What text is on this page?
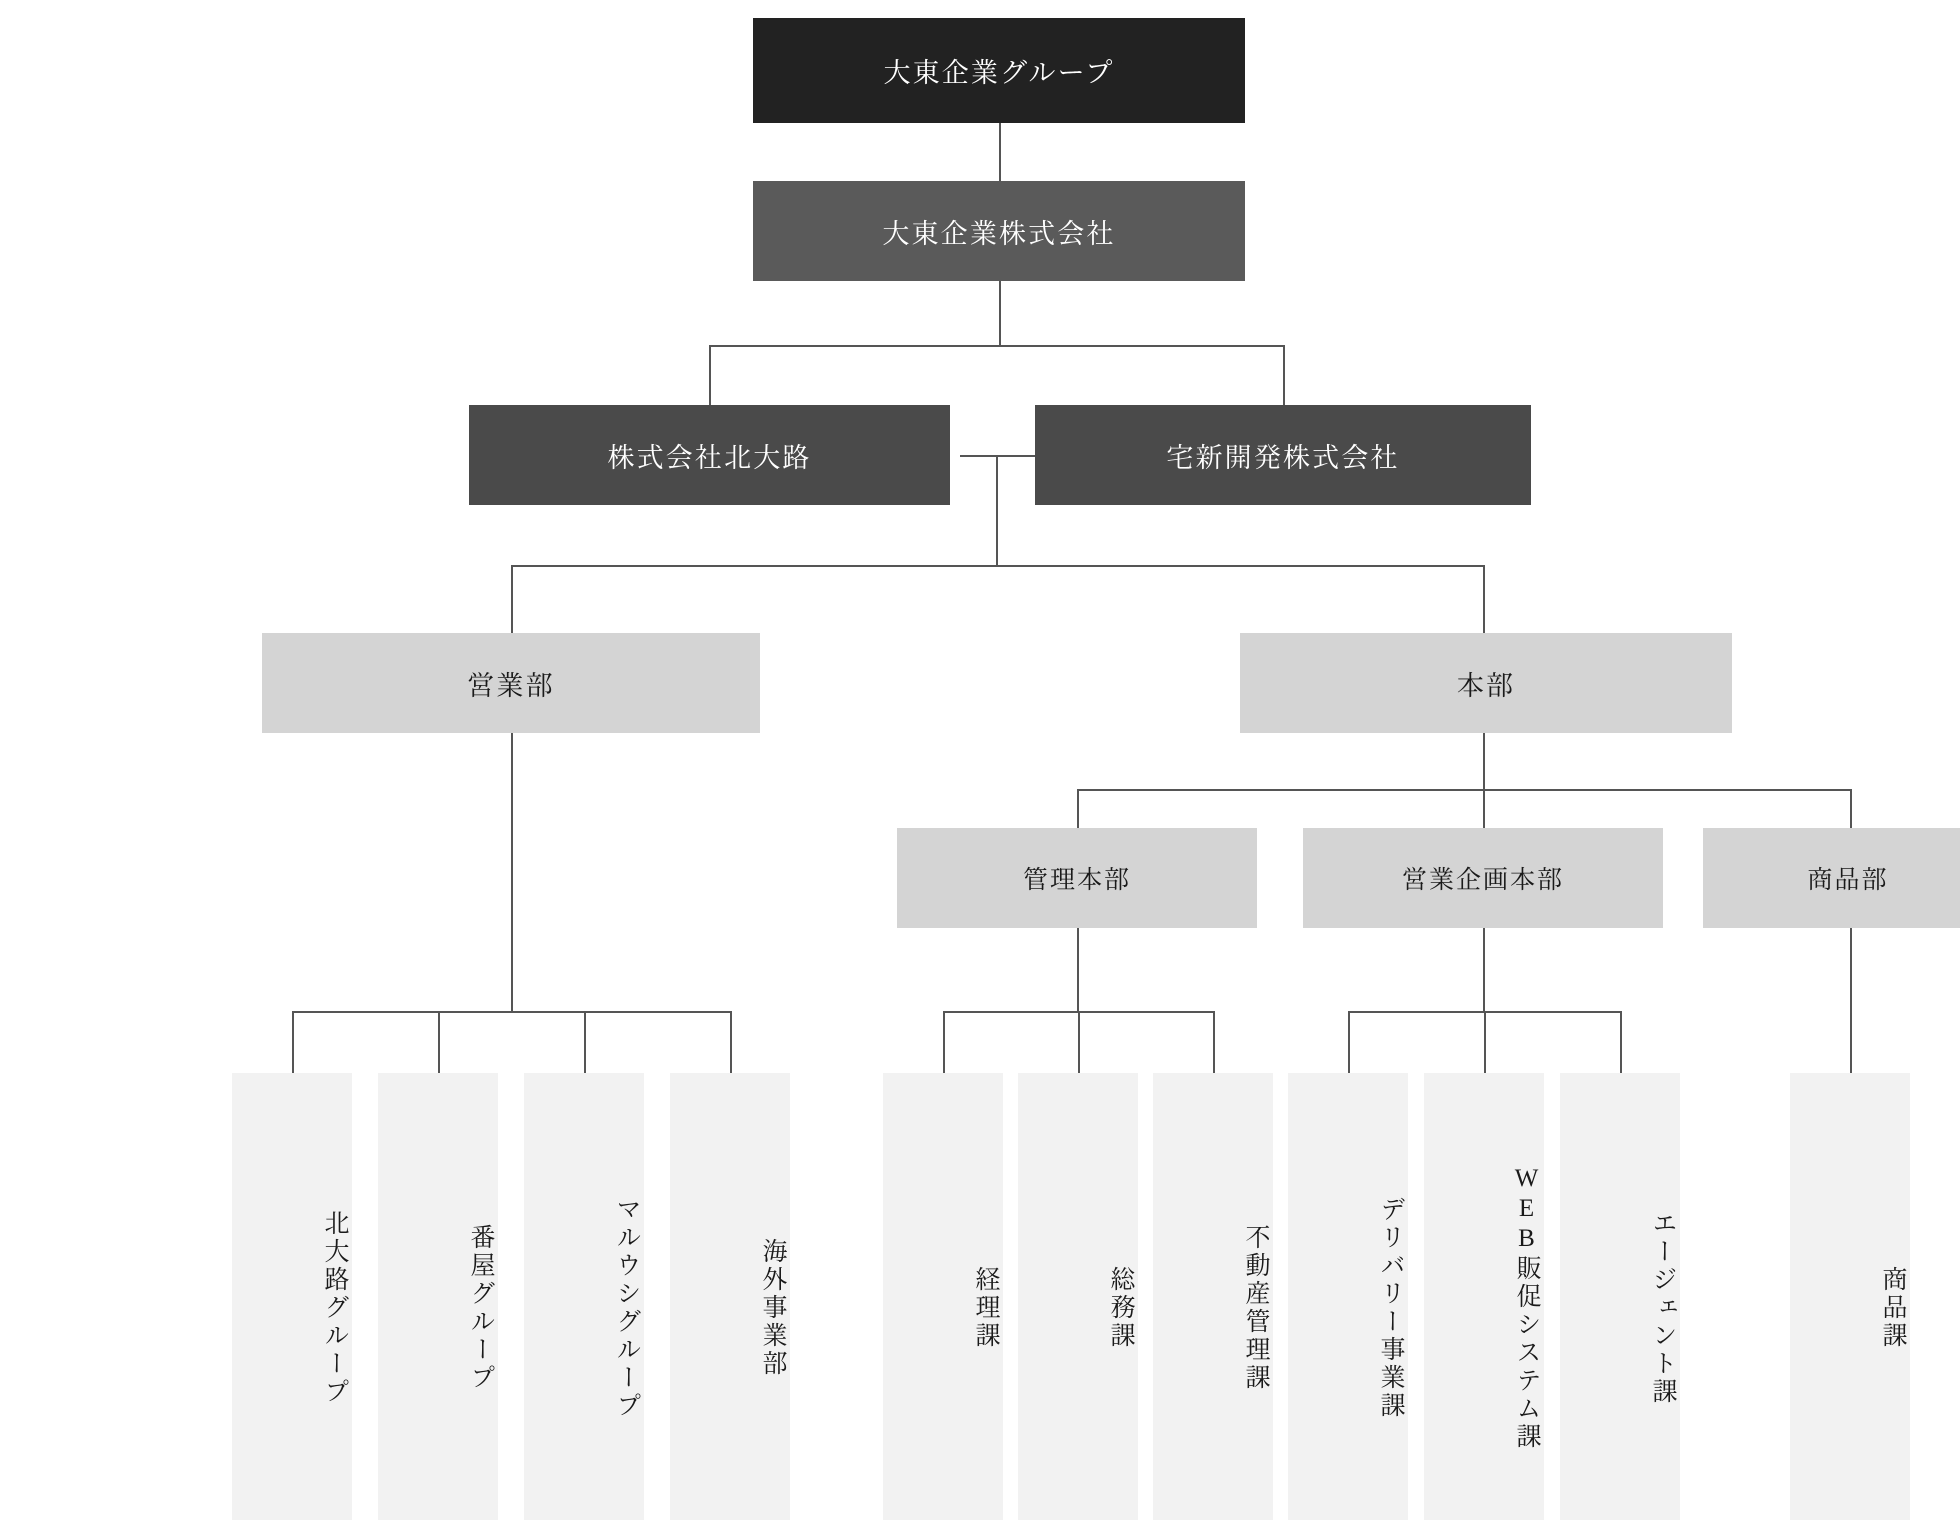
大東企業グループ
大東企業株式会社
株式会社北大路	宅新開発株式会社
営業部	本部
管理本部	営業企画本部	商品部
北大路グループ	番屋グループ	マルウシグループ	海外事業部	経理課	総務課	不動産管理課	デリバリー事業課	WEB販促システム課	エージェント課	商品課
